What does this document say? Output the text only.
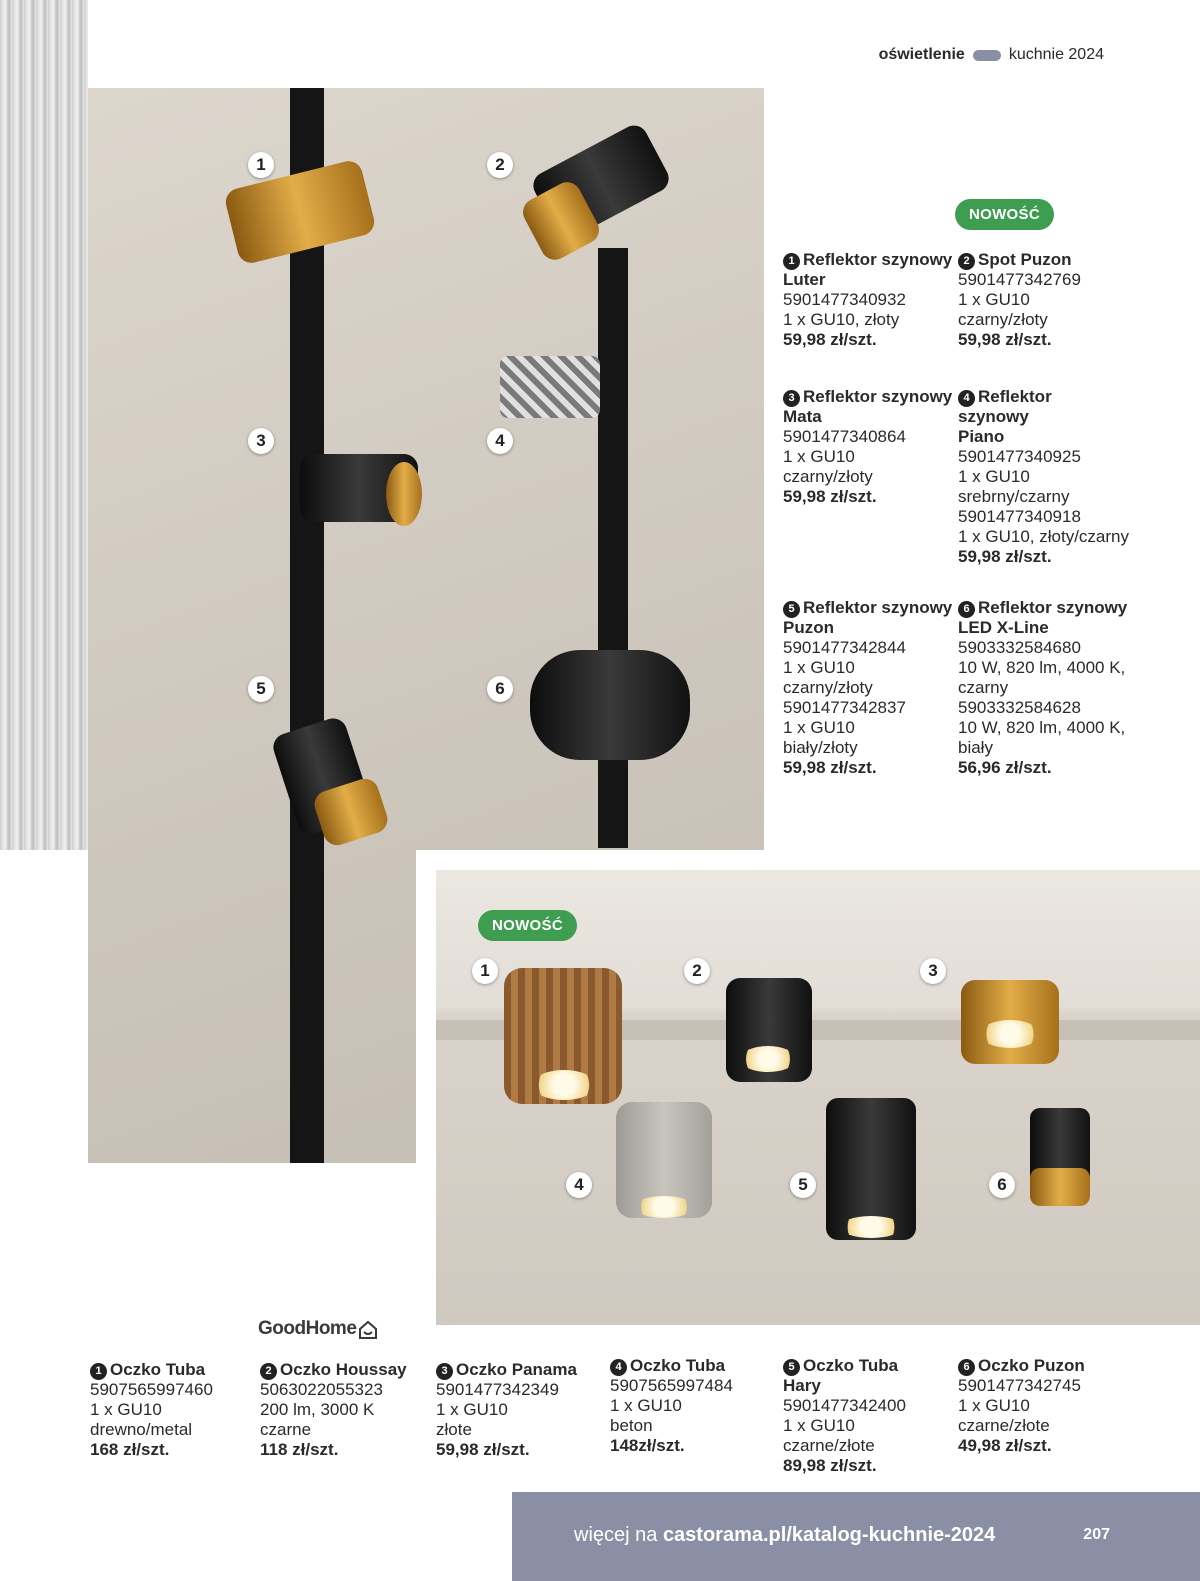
oświetlenie	kuchnie 2024
1	2
3	4
5	6
1	2	3
4	5	6
NOWOŚĆ
NOWOŚĆ
1 Reflektor szynowy Luter
5901477340932
1 x GU10, złoty
59,98 zł/szt.
2 Spot Puzon
5901477342769
1 x GU10
czarny/złoty
59,98 zł/szt.
3 Reflektor szynowy Mata
5901477340864
1 x GU10
czarny/złoty
59,98 zł/szt.
4 Reflektor szynowy Piano
5901477340925
1 x GU10
srebrny/czarny
5901477340918
1 x GU10, złoty/czarny
59,98 zł/szt.
5 Reflektor szynowy Puzon
5901477342844
1 x GU10
czarny/złoty
5901477342837
1 x GU10
biały/złoty
59,98 zł/szt.
6 Reflektor szynowy LED X-Line
5903332584680
10 W, 820 lm, 4000 K,
czarny
5903332584628
10 W, 820 lm, 4000 K,
biały
56,96 zł/szt.
GoodHome
1 Oczko Tuba
5907565997460
1 x GU10
drewno/metal
168 zł/szt.
2 Oczko Houssay
5063022055323
200 lm, 3000 K
czarne
118 zł/szt.
3 Oczko Panama
5901477342349
1 x GU10
złote
59,98 zł/szt.
4 Oczko Tuba
5907565997484
1 x GU10
beton
148zł/szt.
5 Oczko Tuba Hary
5901477342400
1 x GU10
czarne/złote
89,98 zł/szt.
6 Oczko Puzon
5901477342745
1 x GU10
czarne/złote
49,98 zł/szt.
więcej na castorama.pl/katalog-kuchnie-2024	207
